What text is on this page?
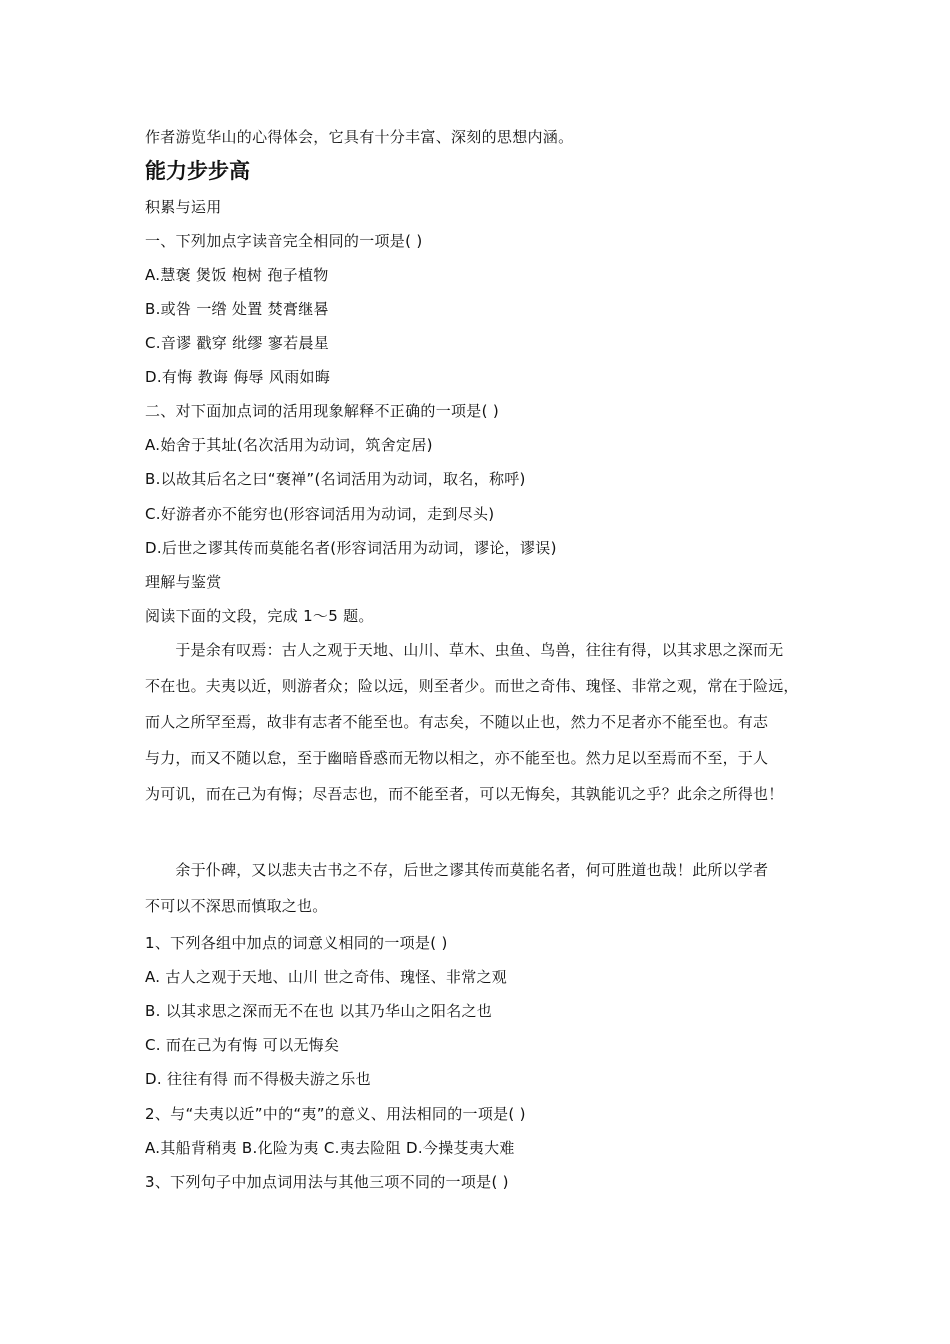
作者游览华山的心得体会，它具有十分丰富、深刻的思想内涵。
能力步步高
积累与运用
一、下列加点字读音完全相同的一项是( )
A.慧褒 煲饭 枹树 孢子植物
B.或咎 一绺 处置 焚膏继晷
C.音谬 戳穿 纰缪 寥若晨星
D.有悔 教诲 侮辱 风雨如晦
二、对下面加点词的活用现象解释不正确的一项是( )
A.始舍于其址(名次活用为动词，筑舍定居)
B.以故其后名之曰“褒禅”(名词活用为动词，取名，称呼)
C.好游者亦不能穷也(形容词活用为动词，走到尽头)
D.后世之谬其传而莫能名者(形容词活用为动词，谬论，谬误)
理解与鉴赏
阅读下面的文段，完成 1～5 题。
　　于是余有叹焉：古人之观于天地、山川、草木、虫鱼、鸟兽，往往有得，以其求思之深而无
不在也。夫夷以近，则游者众；险以远，则至者少。而世之奇伟、瑰怪、非常之观，常在于险远，
而人之所罕至焉，故非有志者不能至也。有志矣，不随以止也，然力不足者亦不能至也。有志
与力，而又不随以怠，至于幽暗昏惑而无物以相之，亦不能至也。然力足以至焉而不至，于人
为可讥，而在己为有悔；尽吾志也，而不能至者，可以无悔矣，其孰能讥之乎？此余之所得也！
　　余于仆碑，又以悲夫古书之不存，后世之谬其传而莫能名者，何可胜道也哉！此所以学者
不可以不深思而慎取之也。
1、下列各组中加点的词意义相同的一项是( )
A. 古人之观于天地、山川 世之奇伟、瑰怪、非常之观
B. 以其求思之深而无不在也 以其乃华山之阳名之也
C. 而在己为有悔 可以无悔矣
D. 往往有得 而不得极夫游之乐也
2、与“夫夷以近”中的“夷”的意义、用法相同的一项是( )
A.其船背稍夷 B.化险为夷 C.夷去险阻 D.今操芟夷大难
3、下列句子中加点词用法与其他三项不同的一项是( )
